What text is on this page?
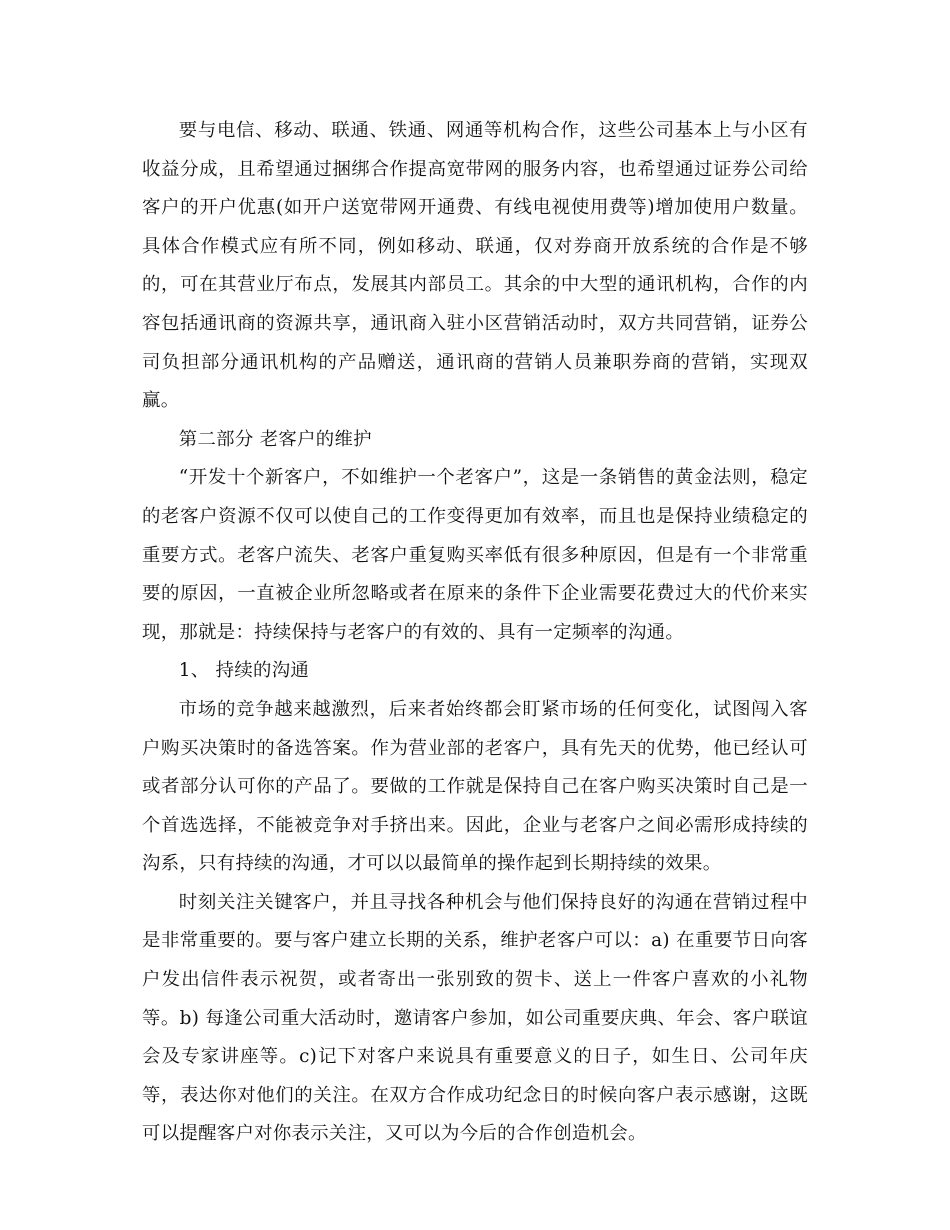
要与电信、移动、联通、铁通、网通等机构合作，这些公司基本上与小区有收益分成，且希望通过捆绑合作提高宽带网的服务内容，也希望通过证券公司给客户的开户优惠(如开户送宽带网开通费、有线电视使用费等)增加使用户数量。具体合作模式应有所不同，例如移动、联通，仅对券商开放系统的合作是不够的，可在其营业厅布点，发展其内部员工。其余的中大型的通讯机构，合作的内容包括通讯商的资源共享，通讯商入驻小区营销活动时，双方共同营销，证券公司负担部分通讯机构的产品赠送，通讯商的营销人员兼职券商的营销，实现双赢。

第二部分 老客户的维护

“开发十个新客户，不如维护一个老客户”，这是一条销售的黄金法则，稳定的老客户资源不仅可以使自己的工作变得更加有效率，而且也是保持业绩稳定的重要方式。老客户流失、老客户重复购买率低有很多种原因，但是有一个非常重要的原因，一直被企业所忽略或者在原来的条件下企业需要花费过大的代价来实现，那就是：持续保持与老客户的有效的、具有一定频率的沟通。

1、 持续的沟通

市场的竞争越来越激烈，后来者始终都会盯紧市场的任何变化，试图闯入客户购买决策时的备选答案。作为营业部的老客户，具有先天的优势，他已经认可或者部分认可你的产品了。要做的工作就是保持自己在客户购买决策时自己是一个首选选择，不能被竞争对手挤出来。因此，企业与老客户之间必需形成持续的沟系，只有持续的沟通，才可以以最简单的操作起到长期持续的效果。

时刻关注关键客户，并且寻找各种机会与他们保持良好的沟通在营销过程中是非常重要的。要与客户建立长期的关系，维护老客户可以：a) 在重要节日向客户发出信件表示祝贺，或者寄出一张别致的贺卡、送上一件客户喜欢的小礼物等。b) 每逢公司重大活动时，邀请客户参加，如公司重要庆典、年会、客户联谊会及专家讲座等。c)记下对客户来说具有重要意义的日子，如生日、公司年庆等，表达你对他们的关注。在双方合作成功纪念日的时候向客户表示感谢，这既可以提醒客户对你表示关注，又可以为今后的合作创造机会。
